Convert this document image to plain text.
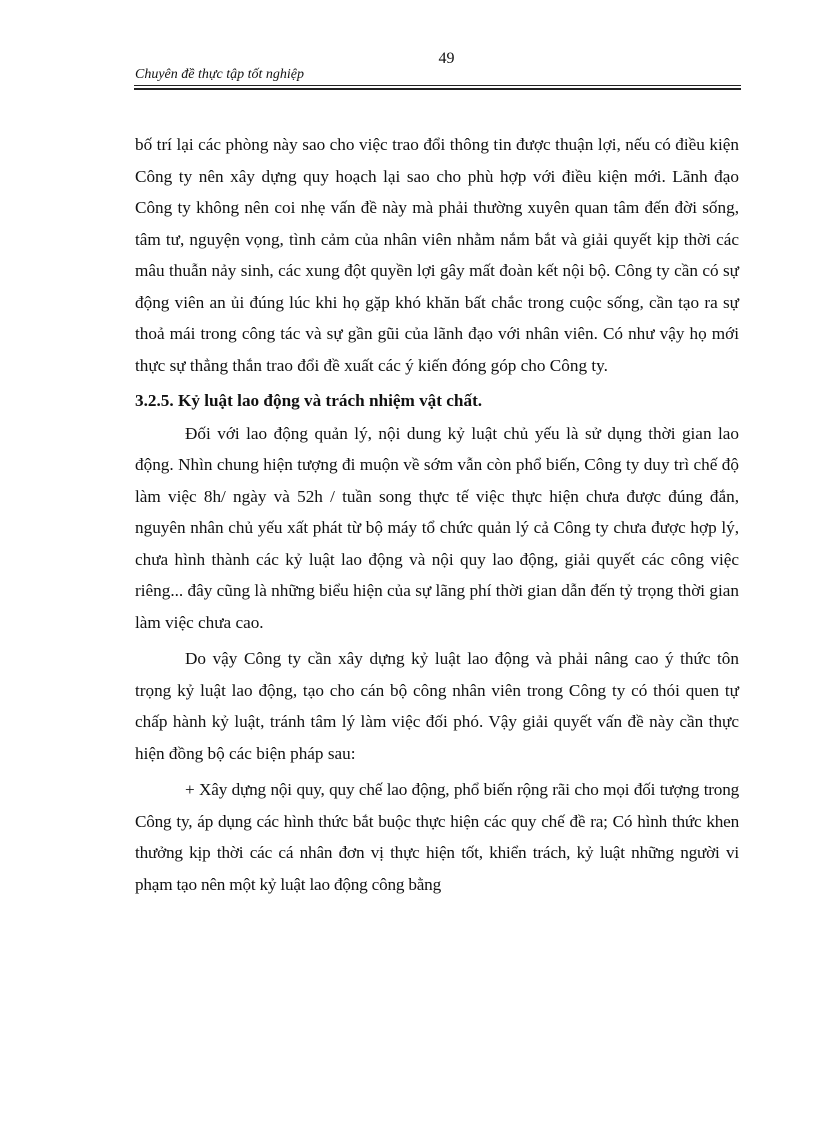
49
Chuyên đề thực tập tốt nghiệp

bố trí lại các phòng này sao cho việc trao đổi thông tin được thuận lợi, nếu có điều kiện Công ty nên xây dựng quy hoạch lại sao cho phù hợp với điều kiện mới. Lãnh đạo Công ty không nên coi nhẹ vấn đề này mà phải thường xuyên quan tâm đến đời sống, tâm tư, nguyện vọng, tình cảm của nhân viên nhằm nắm bắt và giải quyết kịp thời các mâu thuẫn nảy sinh, các xung đột quyền lợi gây mất đoàn kết nội bộ. Công ty cần có sự động viên an ủi đúng lúc khi họ gặp khó khăn bất chắc trong cuộc sống, cần tạo ra sự thoả mái trong công tác và sự gần gũi của lãnh đạo với nhân viên. Có như vậy họ mới thực sự thẳng thắn trao đổi đề xuất các ý kiến đóng góp cho Công ty.

3.2.5. Kỷ luật lao động và trách nhiệm vật chất.

Đối với lao động quản lý, nội dung kỷ luật chủ yếu là sử dụng thời gian lao động. Nhìn chung hiện tượng đi muộn về sớm vẫn còn phổ biến, Công ty duy trì chế độ làm việc 8h/ ngày và 52h / tuần song thực tế việc thực hiện chưa được đúng đắn, nguyên nhân chủ yếu xất phát từ bộ máy tổ chức quản lý cả Công ty chưa được hợp lý, chưa hình thành các kỷ luật lao động và nội quy lao động, giải quyết các công việc riêng... đây cũng là những biểu hiện của sự lãng phí thời gian dẫn đến tỷ trọng thời gian làm việc chưa cao.

Do vậy Công ty cần xây dựng kỷ luật lao động và phải nâng cao ý thức tôn trọng kỷ luật lao động, tạo cho cán bộ công nhân viên trong Công ty có thói quen tự chấp hành kỷ luật, tránh tâm lý làm việc đối phó. Vậy giải quyết vấn đề này cần thực hiện đồng bộ các biện pháp sau:

+ Xây dựng nội quy, quy chế lao động, phổ biến rộng rãi cho mọi đối tượng trong Công ty, áp dụng các hình thức bắt buộc thực hiện các quy chế đề ra; Có hình thức khen thưởng kịp thời các cá nhân đơn vị thực hiện tốt, khiển trách, kỷ luật những người vi phạm tạo nên một kỷ luật lao động công bằng
